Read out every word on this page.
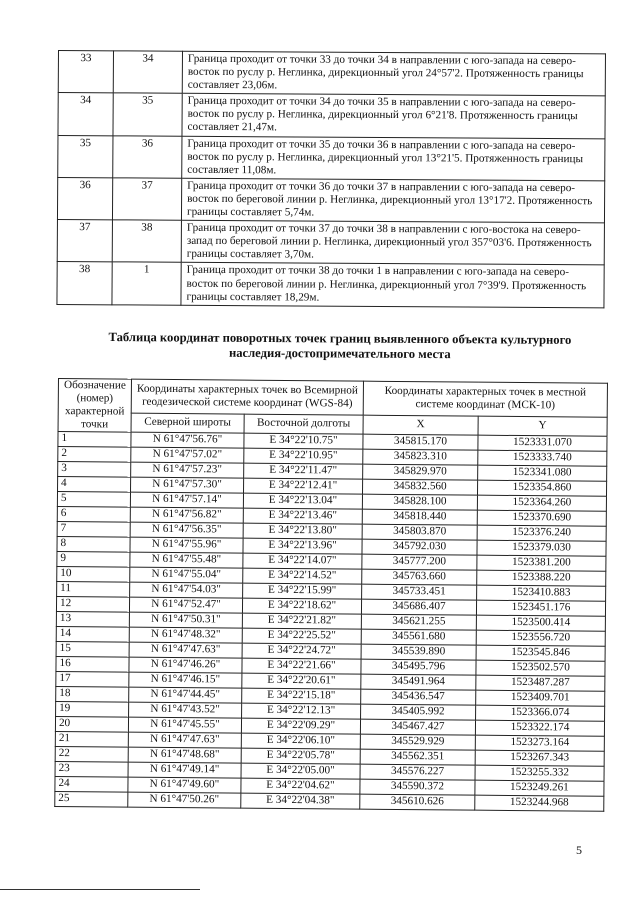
33	34	Граница проходит от точки 33 до точки 34 в направлении с юго-запада на северо-восток по руслу р. Неглинка, дирекционный угол 24°57'2. Протяженность границы составляет 23,06м.
34	35	Граница проходит от точки 34 до точки 35 в направлении с юго-запада на северо-восток по руслу р. Неглинка, дирекционный угол 6°21'8. Протяженность границы составляет 21,47м.
35	36	Граница проходит от точки 35 до точки 36 в направлении с юго-запада на северо-восток по руслу р. Неглинка, дирекционный угол 13°21'5. Протяженность границы составляет 11,08м.
36	37	Граница проходит от точки 36 до точки 37 в направлении с юго-запада на северо-восток по береговой линии р. Неглинка, дирекционный угол 13°17'2. Протяженность границы составляет 5,74м.
37	38	Граница проходит от точки 37 до точки 38 в направлении с юго-востока на северо-запад по береговой линии р. Неглинка, дирекционный угол 357°03'6. Протяженность границы составляет 3,70м.
38	1	Граница проходит от точки 38 до точки 1 в направлении с юго-запада на северо-восток по береговой линии р. Неглинка, дирекционный угол 7°39'9. Протяженность границы составляет 18,29м.
Таблица координат поворотных точек границ выявленного объекта культурного наследия-достопримечательного места
Обозначение (номер) характерной точки	Координаты характерных точек во Всемирной геодезической системе координат (WGS-84)		Координаты характерных точек в местной системе координат (МСК-10)	
	Северной широты	Восточной долготы	X	Y
1	N 61°47'56.76"	E 34°22'10.75"	345815.170	1523331.070
2	N 61°47'57.02"	E 34°22'10.95"	345823.310	1523333.740
3	N 61°47'57.23"	E 34°22'11.47"	345829.970	1523341.080
4	N 61°47'57.30"	E 34°22'12.41"	345832.560	1523354.860
5	N 61°47'57.14"	E 34°22'13.04"	345828.100	1523364.260
6	N 61°47'56.82"	E 34°22'13.46"	345818.440	1523370.690
7	N 61°47'56.35"	E 34°22'13.80"	345803.870	1523376.240
8	N 61°47'55.96"	E 34°22'13.96"	345792.030	1523379.030
9	N 61°47'55.48"	E 34°22'14.07"	345777.200	1523381.200
10	N 61°47'55.04"	E 34°22'14.52"	345763.660	1523388.220
11	N 61°47'54.03"	E 34°22'15.99"	345733.451	1523410.883
12	N 61°47'52.47"	E 34°22'18.62"	345686.407	1523451.176
13	N 61°47'50.31"	E 34°22'21.82"	345621.255	1523500.414
14	N 61°47'48.32"	E 34°22'25.52"	345561.680	1523556.720
15	N 61°47'47.63"	E 34°22'24.72"	345539.890	1523545.846
16	N 61°47'46.26"	E 34°22'21.66"	345495.796	1523502.570
17	N 61°47'46.15"	E 34°22'20.61"	345491.964	1523487.287
18	N 61°47'44.45"	E 34°22'15.18"	345436.547	1523409.701
19	N 61°47'43.52"	E 34°22'12.13"	345405.992	1523366.074
20	N 61°47'45.55"	E 34°22'09.29"	345467.427	1523322.174
21	N 61°47'47.63"	E 34°22'06.10"	345529.929	1523273.164
22	N 61°47'48.68"	E 34°22'05.78"	345562.351	1523267.343
23	N 61°47'49.14"	E 34°22'05.00"	345576.227	1523255.332
24	N 61°47'49.60"	E 34°22'04.62"	345590.372	1523249.261
25	N 61°47'50.26"	E 34°22'04.38"	345610.626	1523244.968
5
